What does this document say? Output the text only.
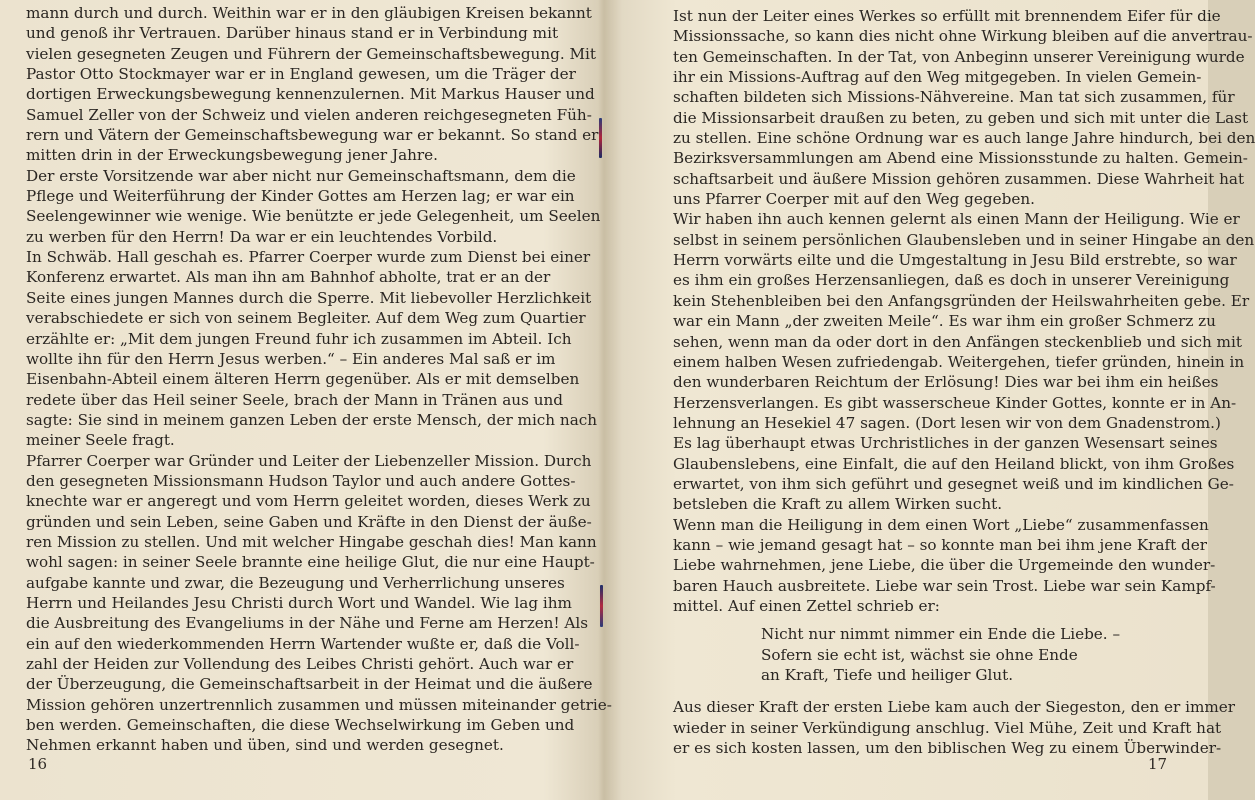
mann durch und durch. Weithin war er in den gläubigen Kreisen bekannt
und genoß ihr Vertrauen. Darüber hinaus stand er in Verbindung mit
vielen gesegneten Zeugen und Führern der Gemeinschaftsbewegung. Mit
Pastor Otto Stockmayer war er in England gewesen, um die Träger der
dortigen Erweckungsbewegung kennenzulernen. Mit Markus Hauser und
Samuel Zeller von der Schweiz und vielen anderen reichgesegneten Füh-
rern und Vätern der Gemeinschaftsbewegung war er bekannt. So stand er
mitten drin in der Erweckungsbewegung jener Jahre.
Der erste Vorsitzende war aber nicht nur Gemeinschaftsmann, dem die
Pflege und Weiterführung der Kinder Gottes am Herzen lag; er war ein
Seelengewinner wie wenige. Wie benützte er jede Gelegenheit, um Seelen
zu werben für den Herrn! Da war er ein leuchtendes Vorbild.
In Schwäb. Hall geschah es. Pfarrer Coerper wurde zum Dienst bei einer
Konferenz erwartet. Als man ihn am Bahnhof abholte, trat er an der
Seite eines jungen Mannes durch die Sperre. Mit liebevoller Herzlichkeit
verabschiedete er sich von seinem Begleiter. Auf dem Weg zum Quartier
erzählte er: „Mit dem jungen Freund fuhr ich zusammen im Abteil. Ich
wollte ihn für den Herrn Jesus werben.“ – Ein anderes Mal saß er im
Eisenbahn-Abteil einem älteren Herrn gegenüber. Als er mit demselben
redete über das Heil seiner Seele, brach der Mann in Tränen aus und
sagte: Sie sind in meinem ganzen Leben der erste Mensch, der mich nach
meiner Seele fragt.
Pfarrer Coerper war Gründer und Leiter der Liebenzeller Mission. Durch
den gesegneten Missionsmann Hudson Taylor und auch andere Gottes-
knechte war er angeregt und vom Herrn geleitet worden, dieses Werk zu
gründen und sein Leben, seine Gaben und Kräfte in den Dienst der äuße-
ren Mission zu stellen. Und mit welcher Hingabe geschah dies! Man kann
wohl sagen: in seiner Seele brannte eine heilige Glut, die nur eine Haupt-
aufgabe kannte und zwar, die Bezeugung und Verherrlichung unseres
Herrn und Heilandes Jesu Christi durch Wort und Wandel. Wie lag ihm
die Ausbreitung des Evangeliums in der Nähe und Ferne am Herzen! Als
ein auf den wiederkommenden Herrn Wartender wußte er, daß die Voll-
zahl der Heiden zur Vollendung des Leibes Christi gehört. Auch war er
der Überzeugung, die Gemeinschaftsarbeit in der Heimat und die äußere
Mission gehören unzertrennlich zusammen und müssen miteinander getrie-
ben werden. Gemeinschaften, die diese Wechselwirkung im Geben und
Nehmen erkannt haben und üben, sind und werden gesegnet.
16
Ist nun der Leiter eines Werkes so erfüllt mit brennendem Eifer für die
Missionssache, so kann dies nicht ohne Wirkung bleiben auf die anvertrau-
ten Gemeinschaften. In der Tat, von Anbeginn unserer Vereinigung wurde
ihr ein Missions-Auftrag auf den Weg mitgegeben. In vielen Gemein-
schaften bildeten sich Missions-Nähvereine. Man tat sich zusammen, für
die Missionsarbeit draußen zu beten, zu geben und sich mit unter die Last
zu stellen. Eine schöne Ordnung war es auch lange Jahre hindurch, bei den
Bezirksversammlungen am Abend eine Missionsstunde zu halten. Gemein-
schaftsarbeit und äußere Mission gehören zusammen. Diese Wahrheit hat
uns Pfarrer Coerper mit auf den Weg gegeben.
Wir haben ihn auch kennen gelernt als einen Mann der Heiligung. Wie er
selbst in seinem persönlichen Glaubensleben und in seiner Hingabe an den
Herrn vorwärts eilte und die Umgestaltung in Jesu Bild erstrebte, so war
es ihm ein großes Herzensanliegen, daß es doch in unserer Vereinigung
kein Stehenbleiben bei den Anfangsgründen der Heilswahrheiten gebe. Er
war ein Mann „der zweiten Meile“. Es war ihm ein großer Schmerz zu
sehen, wenn man da oder dort in den Anfängen steckenblieb und sich mit
einem halben Wesen zufriedengab. Weitergehen, tiefer gründen, hinein in
den wunderbaren Reichtum der Erlösung! Dies war bei ihm ein heißes
Herzensverlangen. Es gibt wasserscheue Kinder Gottes, konnte er in An-
lehnung an Hesekiel 47 sagen. (Dort lesen wir von dem Gnadenstrom.)
Es lag überhaupt etwas Urchristliches in der ganzen Wesensart seines
Glaubenslebens, eine Einfalt, die auf den Heiland blickt, von ihm Großes
erwartet, von ihm sich geführt und gesegnet weiß und im kindlichen Ge-
betsleben die Kraft zu allem Wirken sucht.
Wenn man die Heiligung in dem einen Wort „Liebe“ zusammenfassen
kann – wie jemand gesagt hat – so konnte man bei ihm jene Kraft der
Liebe wahrnehmen, jene Liebe, die über die Urgemeinde den wunder-
baren Hauch ausbreitete. Liebe war sein Trost. Liebe war sein Kampf-
mittel. Auf einen Zettel schrieb er:
Nicht nur nimmt nimmer ein Ende die Liebe. –
Sofern sie echt ist, wächst sie ohne Ende
an Kraft, Tiefe und heiliger Glut.
Aus dieser Kraft der ersten Liebe kam auch der Siegeston, den er immer
wieder in seiner Verkündigung anschlug. Viel Mühe, Zeit und Kraft hat
er es sich kosten lassen, um den biblischen Weg zu einem Überwinder-
17
